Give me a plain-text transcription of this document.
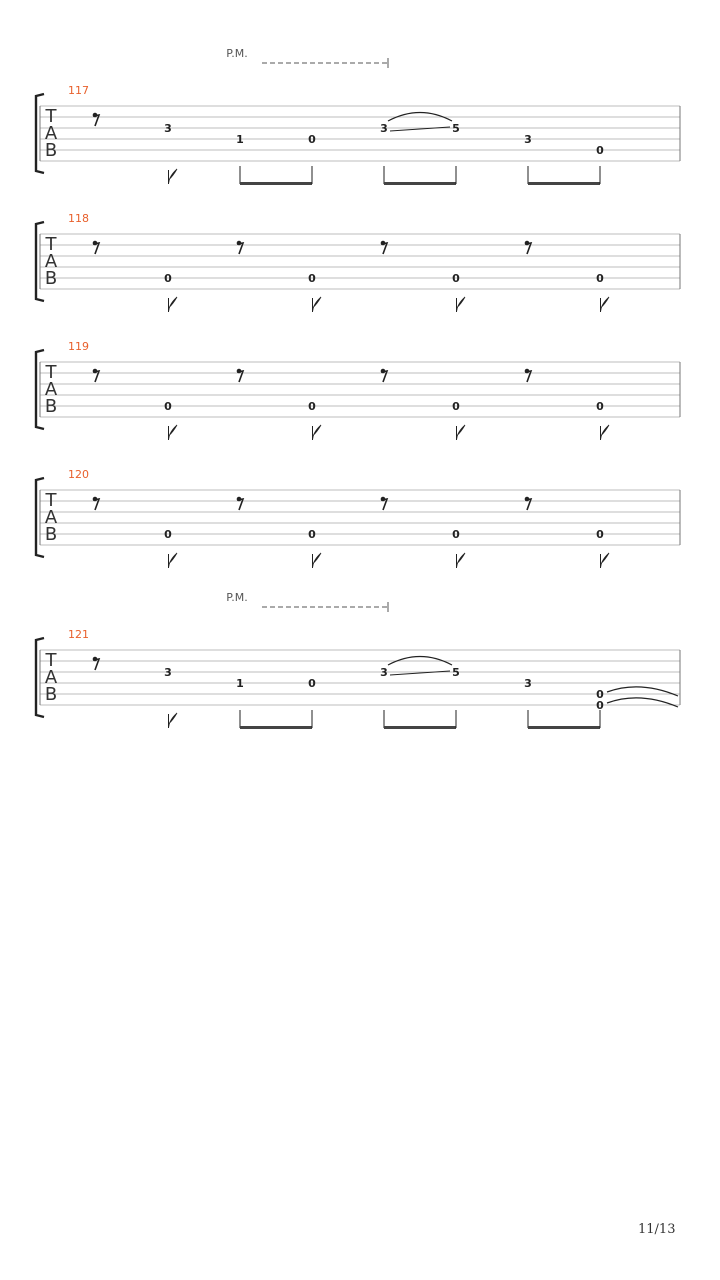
T
A
B
117
3
1	0
3	5
3
0
P.M.
T
A
B
118
0	0	0	0
T
A
B
119
0	0	0	0
T
A
B
120
0	0	0	0
T
A
B
121
3
1	0
3	5
3
0
0
P.M.
11/13
